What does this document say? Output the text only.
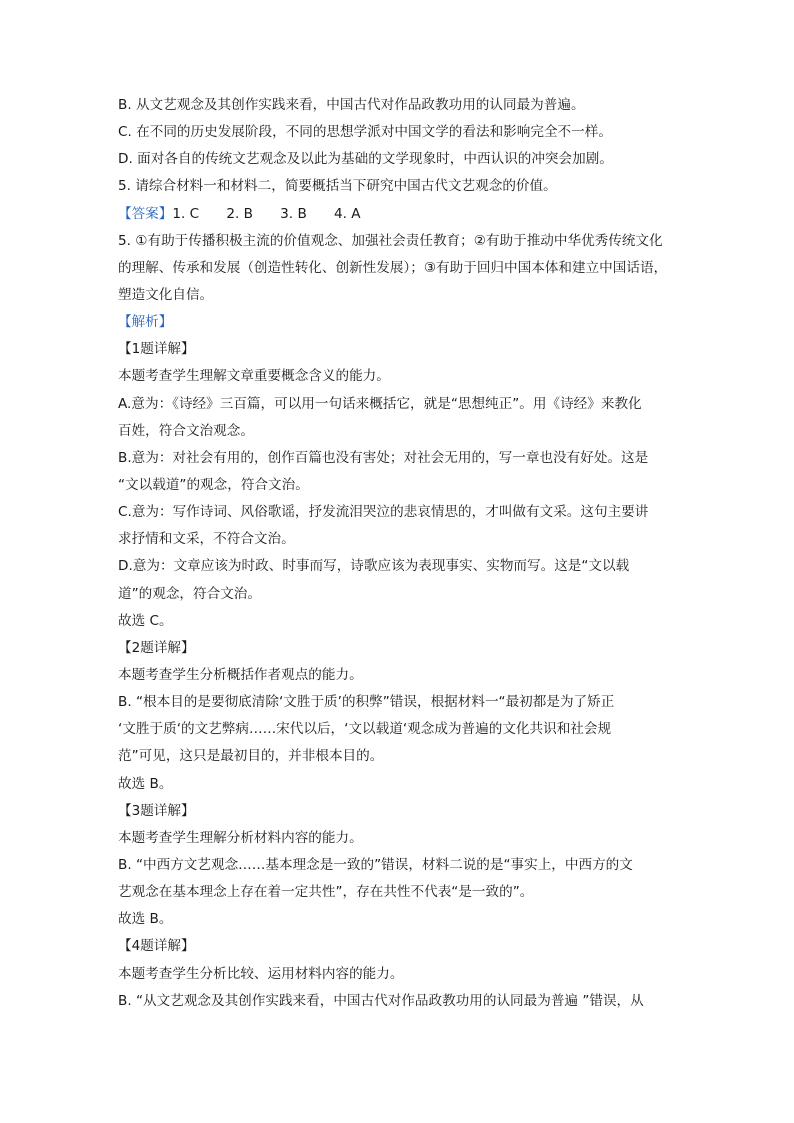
B. 从文艺观念及其创作实践来看，中国古代对作品政教功用的认同最为普遍。
C. 在不同的历史发展阶段，不同的思想学派对中国文学的看法和影响完全不一样。
D. 面对各自的传统文艺观念及以此为基础的文学现象时，中西认识的冲突会加剧。
5. 请综合材料一和材料二，简要概括当下研究中国古代文艺观念的价值。
【答案】1. C　　2. B　　3. B　　4. A
5. ①有助于传播积极主流的价值观念、加强社会责任教育；②有助于推动中华优秀传统文化
的理解、传承和发展（创造性转化、创新性发展）；③有助于回归中国本体和建立中国话语，
塑造文化自信。
【解析】
【1题详解】
本题考查学生理解文章重要概念含义的能力。
A.意为：《诗经》三百篇，可以用一句话来概括它，就是“思想纯正”。用《诗经》来教化
百姓，符合文治观念。
B.意为：对社会有用的，创作百篇也没有害处；对社会无用的，写一章也没有好处。这是
“文以载道”的观念，符合文治。
C.意为：写作诗词、风俗歌谣，抒发流泪哭泣的悲哀情思的，才叫做有文采。这句主要讲
求抒情和文采，不符合文治。
D.意为：文章应该为时政、时事而写，诗歌应该为表现事实、实物而写。这是“文以载
道”的观念，符合文治。
故选 C。
【2题详解】
本题考查学生分析概括作者观点的能力。
B. “根本目的是要彻底清除‘文胜于质’的积弊”错误，根据材料一“最初都是为了矫正
‘文胜于质‘的文艺弊病……宋代以后，‘文以载道‘观念成为普遍的文化共识和社会规
范”可见，这只是最初目的，并非根本目的。
故选 B。
【3题详解】
本题考查学生理解分析材料内容的能力。
B. “中西方文艺观念……基本理念是一致的”错误，材料二说的是“事实上，中西方的文
艺观念在基本理念上存在着一定共性”，存在共性不代表“是一致的”。
故选 B。
【4题详解】
本题考查学生分析比较、运用材料内容的能力。
B. “从文艺观念及其创作实践来看，中国古代对作品政教功用的认同最为普遍 ”错误，从
